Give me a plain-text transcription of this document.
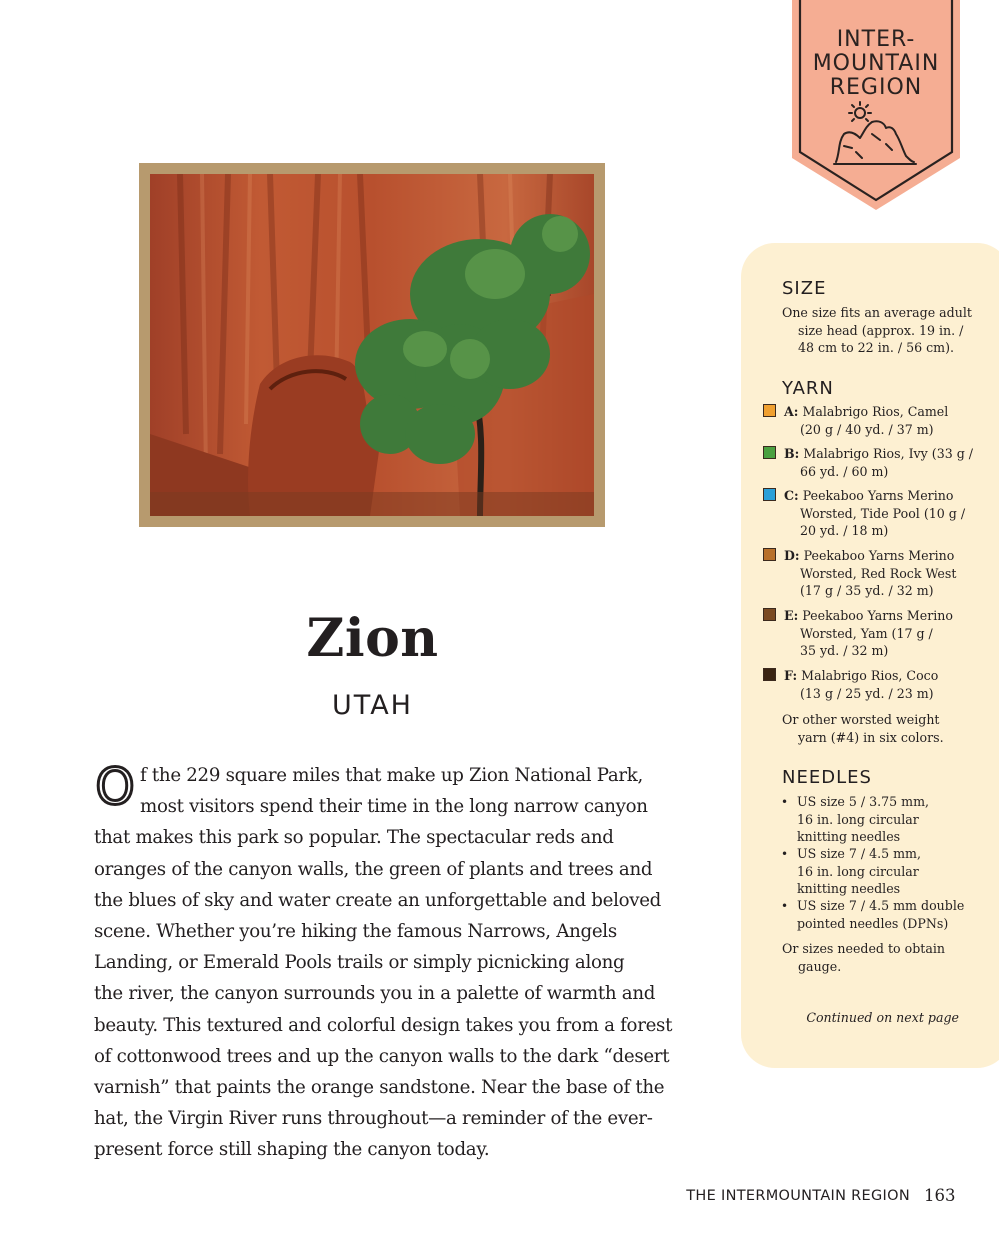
INTER-
MOUNTAIN
REGION
Zion
UTAH
O f the 229 square miles that make up Zion National Park,
most visitors spend their time in the long narrow canyon
that makes this park so popular. The spectacular reds and
oranges of the canyon walls, the green of plants and trees and
the blues of sky and water create an unforgettable and beloved
scene. Whether you’re hiking the famous Narrows, Angels
Landing, or Emerald Pools trails or simply picnicking along
the river, the canyon surrounds you in a palette of warmth and
beauty. This textured and colorful design takes you from a forest
of cottonwood trees and up the canyon walls to the dark “desert
varnish” that paints the orange sandstone. Near the base of the
hat, the Virgin River runs throughout—a reminder of the ever-
present force still shaping the canyon today.
SIZE
One size fits an average adult
size head (approx. 19 in. /
48 cm to 22 in. / 56 cm).
YARN
A: Malabrigo Rios, Camel
(20 g / 40 yd. / 37 m)
B: Malabrigo Rios, Ivy (33 g /
66 yd. / 60 m)
C: Peekaboo Yarns Merino
Worsted, Tide Pool (10 g /
20 yd. / 18 m)
D: Peekaboo Yarns Merino
Worsted, Red Rock West
(17 g / 35 yd. / 32 m)
E: Peekaboo Yarns Merino
Worsted, Yam (17 g /
35 yd. / 32 m)
F: Malabrigo Rios, Coco
(13 g / 25 yd. / 23 m)
Or other worsted weight
yarn (#4) in six colors.
NEEDLES
• US size 5 / 3.75 mm,
16 in. long circular
knitting needles
• US size 7 / 4.5 mm,
16 in. long circular
knitting needles
• US size 7 / 4.5 mm double
pointed needles (DPNs)
Or sizes needed to obtain
gauge.
Continued on next page
THE INTERMOUNTAIN REGION 163
